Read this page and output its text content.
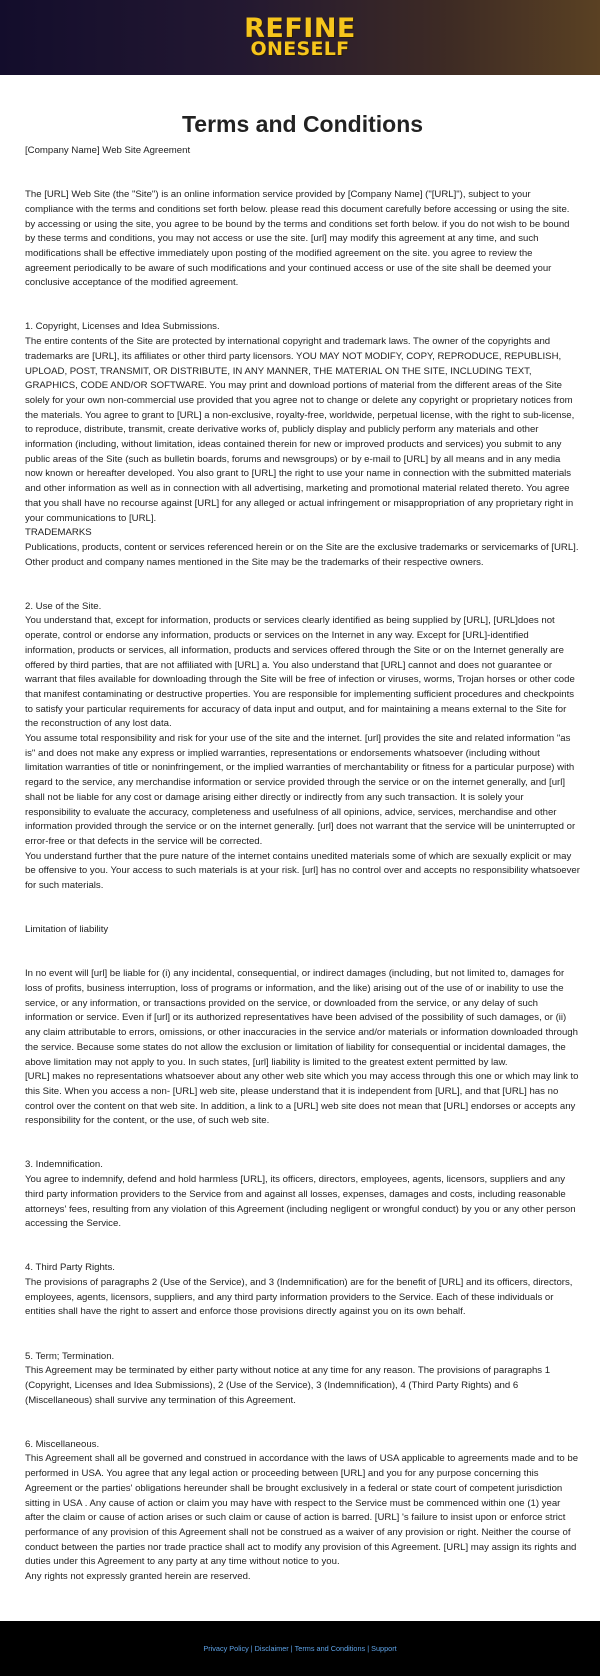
REFINE
ONESELF
Terms and Conditions

[Company Name] Web Site Agreement

The [URL] Web Site (the "Site") is an online information service provided by [Company Name] ("[URL]"), subject to your compliance with the terms and conditions set forth below. please read this document carefully before accessing or using the site. by accessing or using the site, you agree to be bound by the terms and conditions set forth below. if you do not wish to be bound by these terms and conditions, you may not access or use the site. [url] may modify this agreement at any time, and such modifications shall be effective immediately upon posting of the modified agreement on the site. you agree to review the agreement periodically to be aware of such modifications and your continued access or use of the site shall be deemed your conclusive acceptance of the modified agreement.

1. Copyright, Licenses and Idea Submissions.

The entire contents of the Site are protected by international copyright and trademark laws. The owner of the copyrights and trademarks are [URL], its affiliates or other third party licensors. YOU MAY NOT MODIFY, COPY, REPRODUCE, REPUBLISH, UPLOAD, POST, TRANSMIT, OR DISTRIBUTE, IN ANY MANNER, THE MATERIAL ON THE SITE, INCLUDING TEXT, GRAPHICS, CODE AND/OR SOFTWARE. You may print and download portions of material from the different areas of the Site solely for your own non-commercial use provided that you agree not to change or delete any copyright or proprietary notices from the materials. You agree to grant to [URL] a non-exclusive, royalty-free, worldwide, perpetual license, with the right to sub-license, to reproduce, distribute, transmit, create derivative works of, publicly display and publicly perform any materials and other information (including, without limitation, ideas contained therein for new or improved products and services) you submit to any public areas of the Site (such as bulletin boards, forums and newsgroups) or by e-mail to [URL] by all means and in any media now known or hereafter developed. You also grant to [URL] the right to use your name in connection with the submitted materials and other information as well as in connection with all advertising, marketing and promotional material related thereto. You agree that you shall have no recourse against [URL] for any alleged or actual infringement or misappropriation of any proprietary right in your communications to [URL].

TRADEMARKS

Publications, products, content or services referenced herein or on the Site are the exclusive trademarks or servicemarks of [URL]. Other product and company names mentioned in the Site may be the trademarks of their respective owners.

2. Use of the Site.

You understand that, except for information, products or services clearly identified as being supplied by [URL], [URL]does not operate, control or endorse any information, products or services on the Internet in any way. Except for [URL]-identified information, products or services, all information, products and services offered through the Site or on the Internet generally are offered by third parties, that are not affiliated with [URL] a. You also understand that [URL] cannot and does not guarantee or warrant that files available for downloading through the Site will be free of infection or viruses, worms, Trojan horses or other code that manifest contaminating or destructive properties. You are responsible for implementing sufficient procedures and checkpoints to satisfy your particular requirements for accuracy of data input and output, and for maintaining a means external to the Site for the reconstruction of any lost data.

You assume total responsibility and risk for your use of the site and the internet. [url] provides the site and related information "as is" and does not make any express or implied warranties, representations or endorsements whatsoever (including without limitation warranties of title or noninfringement, or the implied warranties of merchantability or fitness for a particular purpose) with regard to the service, any merchandise information or service provided through the service or on the internet generally, and [url] shall not be liable for any cost or damage arising either directly or indirectly from any such transaction. It is solely your responsibility to evaluate the accuracy, completeness and usefulness of all opinions, advice, services, merchandise and other information provided through the service or on the internet generally. [url] does not warrant that the service will be uninterrupted or error-free or that defects in the service will be corrected.

You understand further that the pure nature of the internet contains unedited materials some of which are sexually explicit or may be offensive to you. Your access to such materials is at your risk. [url] has no control over and accepts no responsibility whatsoever for such materials.

Limitation of liability

In no event will [url] be liable for (i) any incidental, consequential, or indirect damages (including, but not limited to, damages for loss of profits, business interruption, loss of programs or information, and the like) arising out of the use of or inability to use the service, or any information, or transactions provided on the service, or downloaded from the service, or any delay of such information or service. Even if [url] or its authorized representatives have been advised of the possibility of such damages, or (ii) any claim attributable to errors, omissions, or other inaccuracies in the service and/or materials or information downloaded through the service. Because some states do not allow the exclusion or limitation of liability for consequential or incidental damages, the above limitation may not apply to you. In such states, [url] liability is limited to the greatest extent permitted by law.

[URL] makes no representations whatsoever about any other web site which you may access through this one or which may link to this Site. When you access a non- [URL] web site, please understand that it is independent from [URL], and that [URL] has no control over the content on that web site. In addition, a link to a [URL] web site does not mean that [URL] endorses or accepts any responsibility for the content, or the use, of such web site.

3. Indemnification.

You agree to indemnify, defend and hold harmless [URL], its officers, directors, employees, agents, licensors, suppliers and any third party information providers to the Service from and against all losses, expenses, damages and costs, including reasonable attorneys' fees, resulting from any violation of this Agreement (including negligent or wrongful conduct) by you or any other person accessing the Service.

4. Third Party Rights.

The provisions of paragraphs 2 (Use of the Service), and 3 (Indemnification) are for the benefit of [URL] and its officers, directors, employees, agents, licensors, suppliers, and any third party information providers to the Service. Each of these individuals or entities shall have the right to assert and enforce those provisions directly against you on its own behalf.

5. Term; Termination.

This Agreement may be terminated by either party without notice at any time for any reason. The provisions of paragraphs 1 (Copyright, Licenses and Idea Submissions), 2 (Use of the Service), 3 (Indemnification), 4 (Third Party Rights) and 6 (Miscellaneous) shall survive any termination of this Agreement.

6. Miscellaneous.

This Agreement shall all be governed and construed in accordance with the laws of USA applicable to agreements made and to be performed in USA. You agree that any legal action or proceeding between [URL] and you for any purpose concerning this Agreement or the parties' obligations hereunder shall be brought exclusively in a federal or state court of competent jurisdiction sitting in USA . Any cause of action or claim you may have with respect to the Service must be commenced within one (1) year after the claim or cause of action arises or such claim or cause of action is barred. [URL] 's failure to insist upon or enforce strict performance of any provision of this Agreement shall not be construed as a waiver of any provision or right. Neither the course of conduct between the parties nor trade practice shall act to modify any provision of this Agreement. [URL] may assign its rights and duties under this Agreement to any party at any time without notice to you.

Any rights not expressly granted herein are reserved.

Privacy Policy | Disclaimer | Terms and Conditions | Support
